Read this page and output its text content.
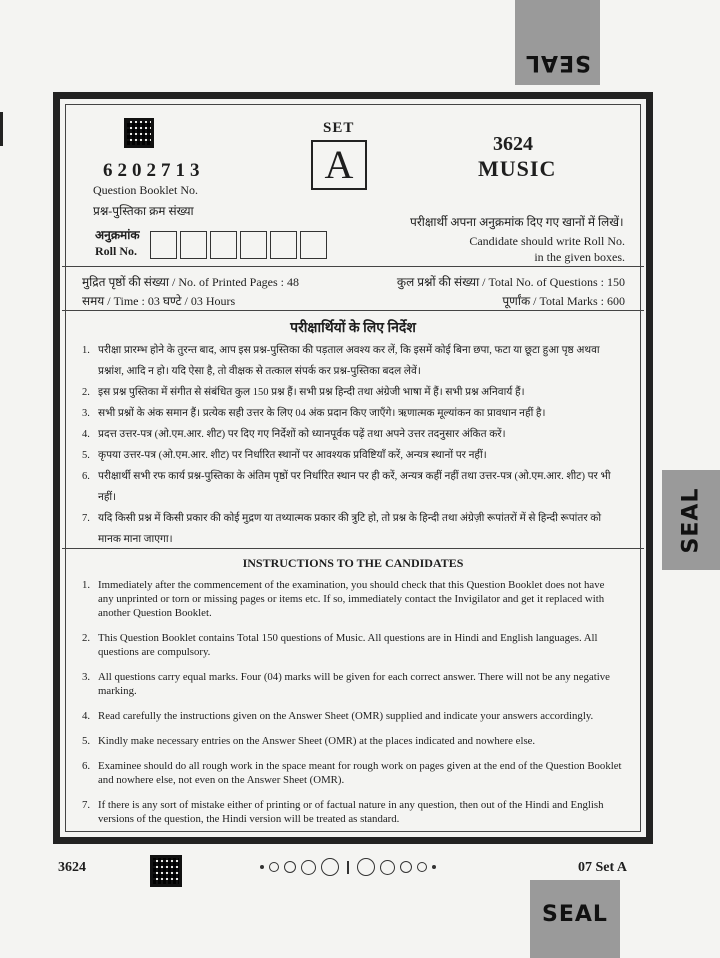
SEAL
SEAL
SEAL
6202713
Question Booklet No.
प्रश्न-पुस्तिका क्रम संख्या
SET
A	3624
MUSIC
अनुक्रमांक
Roll No.
परीक्षार्थी अपना अनुक्रमांक दिए गए खानों में लिखें।
Candidate should write Roll No.
in the given boxes.
मुद्रित पृष्ठों की संख्या / No. of Printed Pages : 48
समय / Time : 03 घण्टे / 03 Hours
कुल प्रश्नों की संख्या / Total No. of Questions : 150
पूर्णांक / Total Marks : 600
परीक्षार्थियों के लिए निर्देश
1. परीक्षा प्रारम्भ होने के तुरन्त बाद, आप इस प्रश्न-पुस्तिका की पड़ताल अवश्य कर लें, कि इसमें कोई बिना छपा, फटा या छूटा हुआ पृष्ठ अथवा प्रश्नांश, आदि न हो। यदि ऐसा है, तो वीक्षक से तत्काल संपर्क कर प्रश्न-पुस्तिका बदल लेवें।
2. इस प्रश्न पुस्तिका में संगीत से संबंधित कुल 150 प्रश्न हैं। सभी प्रश्न हिन्दी तथा अंग्रेजी भाषा में हैं। सभी प्रश्न अनिवार्य हैं।
3. सभी प्रश्नों के अंक समान हैं। प्रत्येक सही उत्तर के लिए 04 अंक प्रदान किए जाएँगे। ऋणात्मक मूल्यांकन का प्रावधान नहीं है।
4. प्रदत्त उत्तर-पत्र (ओ.एम.आर. शीट) पर दिए गए निर्देशों को ध्यानपूर्वक पढ़ें तथा अपने उत्तर तदनुसार अंकित करें।
5. कृपया उत्तर-पत्र (ओ.एम.आर. शीट) पर निर्धारित स्थानों पर आवश्यक प्रविष्टियाँ करें, अन्यत्र स्थानों पर नहीं।
6. परीक्षार्थी सभी रफ कार्य प्रश्न-पुस्तिका के अंतिम पृष्ठों पर निर्धारित स्थान पर ही करें, अन्यत्र कहीं नहीं तथा उत्तर-पत्र (ओ.एम.आर. शीट) पर भी नहीं।
7. यदि किसी प्रश्न में किसी प्रकार की कोई मुद्रण या तथ्यात्मक प्रकार की त्रुटि हो, तो प्रश्न के हिन्दी तथा अंग्रेज़ी रूपांतरों में से हिन्दी रूपांतर को मानक माना जाएगा।
INSTRUCTIONS TO THE CANDIDATES
1. Immediately after the commencement of the examination, you should check that this Question Booklet does not have any unprinted or torn or missing pages or items etc. If so, immediately contact the Invigilator and get it replaced with another Question Booklet.
2. This Question Booklet contains Total 150 questions of Music. All questions are in Hindi and English languages. All questions are compulsory.
3. All questions carry equal marks. Four (04) marks will be given for each correct answer. There will not be any negative marking.
4. Read carefully the instructions given on the Answer Sheet (OMR) supplied and indicate your answers accordingly.
5. Kindly make necessary entries on the Answer Sheet (OMR) at the places indicated and nowhere else.
6. Examinee should do all rough work in the space meant for rough work on pages given at the end of the Question Booklet and nowhere else, not even on the Answer Sheet (OMR).
7. If there is any sort of mistake either of printing or of factual nature in any question, then out of the Hindi and English versions of the question, the Hindi version will be treated as standard.
3624	07 Set A
